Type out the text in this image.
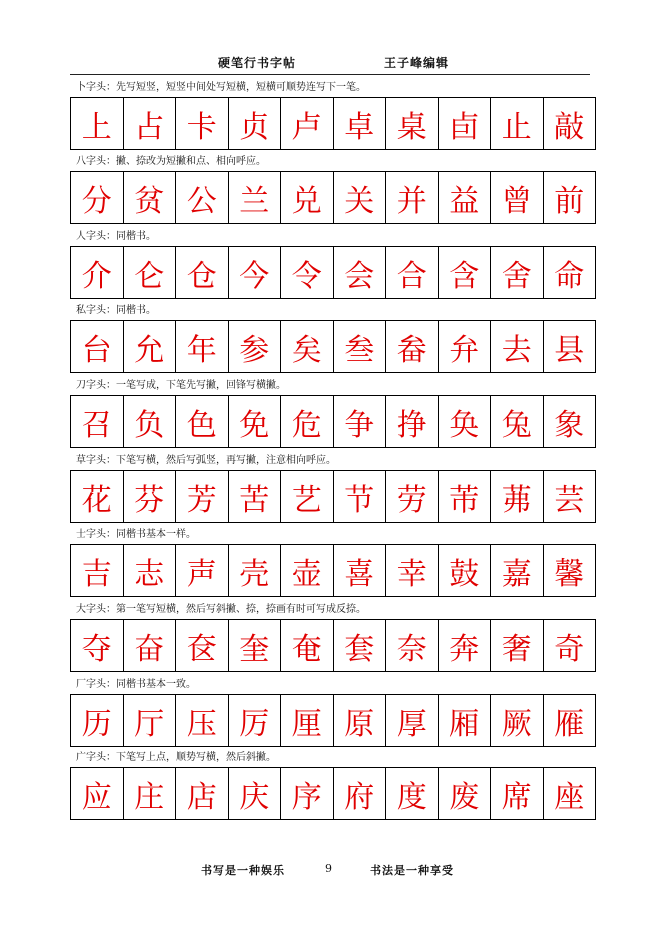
硬笔行书字帖	王子峰编辑
卜字头：先写短竖，短竖中间处写短横，短横可顺势连写下一笔。
上 占 卡 贞 卢 卓 桌 卣 止 敲
八字头：撇、捺改为短撇和点、相向呼应。
分 贫 公 兰 兑 关 并 益 曾 前
人字头：同楷书。
介 仑 仓 今 令 会 合 含 舍 命
私字头：同楷书。
台 允 年 参 矣 叁 畚 弁 去 县
刀字头：一笔写成，下笔先写撇，回锋写横撇。
召 负 色 免 危 争 挣 奂 兔 象
草字头：下笔写横，然后写弧竖，再写撇，注意相向呼应。
花 芬 芳 苦 艺 节 劳 芾 茀 芸
士字头：同楷书基本一样。
吉 志 声 壳 壶 喜 幸 鼓 嘉 馨
大字头：第一笔写短横，然后写斜撇、捺，捺画有时可写成反捺。
夺 奋 奁 奎 奄 套 奈 奔 奢 奇
厂字头：同楷书基本一致。
历 厅 压 厉 厘 原 厚 厢 厥 雁
广字头：下笔写上点，顺势写横，然后斜撇。
应 庄 店 庆 序 府 度 废 席 座
书写是一种娱乐	9	书法是一种享受
